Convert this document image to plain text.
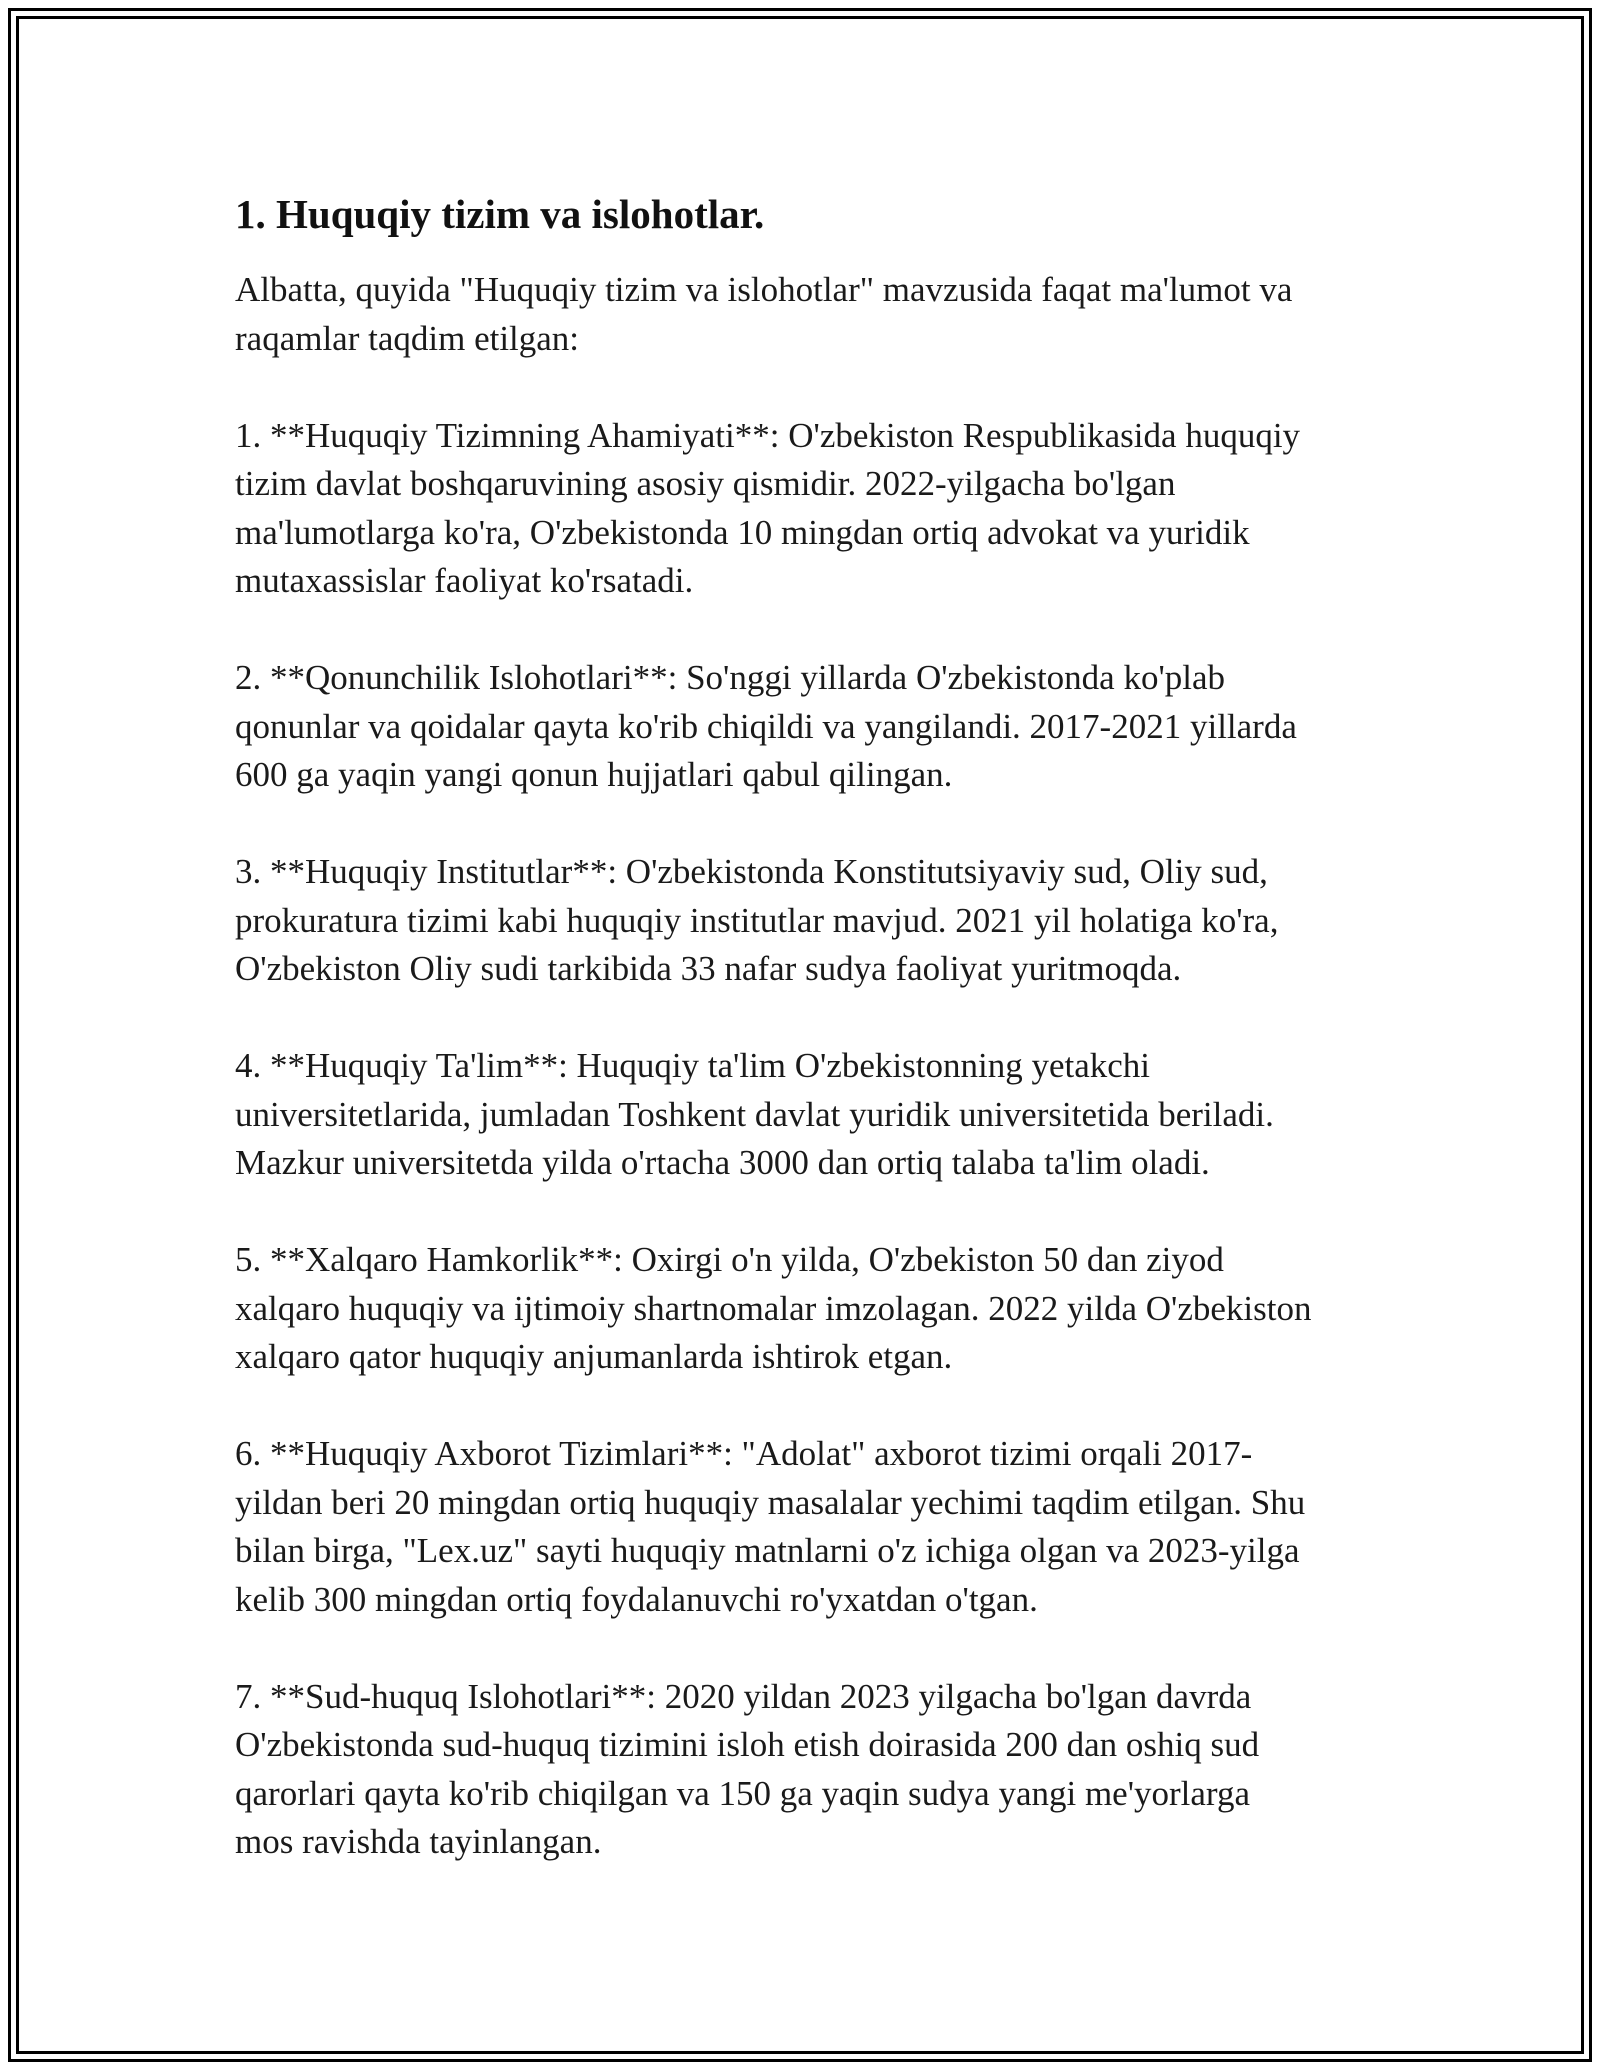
1. Huquqiy tizim va islohotlar.

Albatta, quyida "Huquqiy tizim va islohotlar" mavzusida faqat ma'lumot va
raqamlar taqdim etilgan:

1. **Huquqiy Tizimning Ahamiyati**: O'zbekiston Respublikasida huquqiy
tizim davlat boshqaruvining asosiy qismidir. 2022-yilgacha bo'lgan
ma'lumotlarga ko'ra, O'zbekistonda 10 mingdan ortiq advokat va yuridik
mutaxassislar faoliyat ko'rsatadi.

2. **Qonunchilik Islohotlari**: So'nggi yillarda O'zbekistonda ko'plab
qonunlar va qoidalar qayta ko'rib chiqildi va yangilandi. 2017-2021 yillarda
600 ga yaqin yangi qonun hujjatlari qabul qilingan.

3. **Huquqiy Institutlar**: O'zbekistonda Konstitutsiyaviy sud, Oliy sud,
prokuratura tizimi kabi huquqiy institutlar mavjud. 2021 yil holatiga ko'ra,
O'zbekiston Oliy sudi tarkibida 33 nafar sudya faoliyat yuritmoqda.

4. **Huquqiy Ta'lim**: Huquqiy ta'lim O'zbekistonning yetakchi
universitetlarida, jumladan Toshkent davlat yuridik universitetida beriladi.
Mazkur universitetda yilda o'rtacha 3000 dan ortiq talaba ta'lim oladi.

5. **Xalqaro Hamkorlik**: Oxirgi o'n yilda, O'zbekiston 50 dan ziyod
xalqaro huquqiy va ijtimoiy shartnomalar imzolagan. 2022 yilda O'zbekiston
xalqaro qator huquqiy anjumanlarda ishtirok etgan.

6. **Huquqiy Axborot Tizimlari**: "Adolat" axborot tizimi orqali 2017-
yildan beri 20 mingdan ortiq huquqiy masalalar yechimi taqdim etilgan. Shu
bilan birga, "Lex.uz" sayti huquqiy matnlarni o'z ichiga olgan va 2023-yilga
kelib 300 mingdan ortiq foydalanuvchi ro'yxatdan o'tgan.

7. **Sud-huquq Islohotlari**: 2020 yildan 2023 yilgacha bo'lgan davrda
O'zbekistonda sud-huquq tizimini isloh etish doirasida 200 dan oshiq sud
qarorlari qayta ko'rib chiqilgan va 150 ga yaqin sudya yangi me'yorlarga
mos ravishda tayinlangan.
